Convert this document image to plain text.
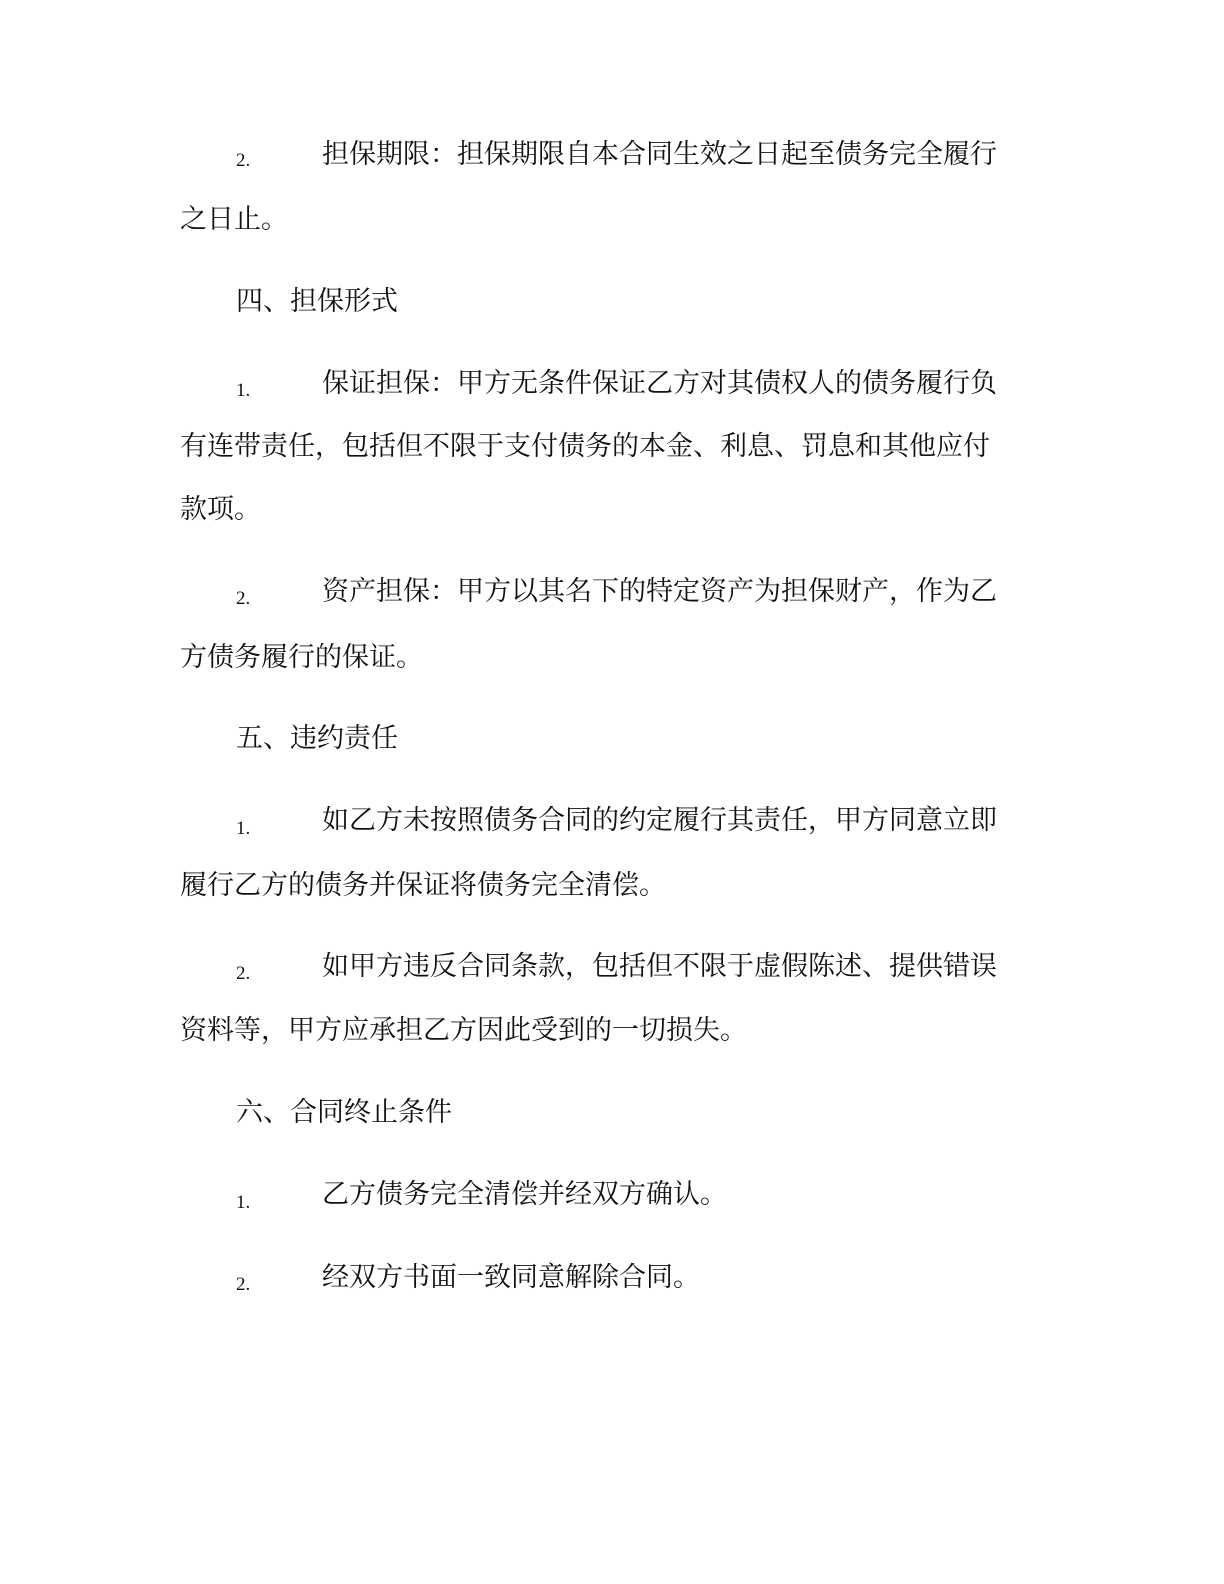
2.	担保期限：担保期限自本合同生效之日起至债务完全履行
之日止。
四、担保形式
1.	保证担保：甲方无条件保证乙方对其债权人的债务履行负
有连带责任，包括但不限于支付债务的本金、利息、罚息和其他应付
款项。
2.	资产担保：甲方以其名下的特定资产为担保财产，作为乙
方债务履行的保证。
五、违约责任
1.	如乙方未按照债务合同的约定履行其责任，甲方同意立即
履行乙方的债务并保证将债务完全清偿。
2.	如甲方违反合同条款，包括但不限于虚假陈述、提供错误
资料等，甲方应承担乙方因此受到的一切损失。
六、合同终止条件
1.	乙方债务完全清偿并经双方确认。
2.	经双方书面一致同意解除合同。
